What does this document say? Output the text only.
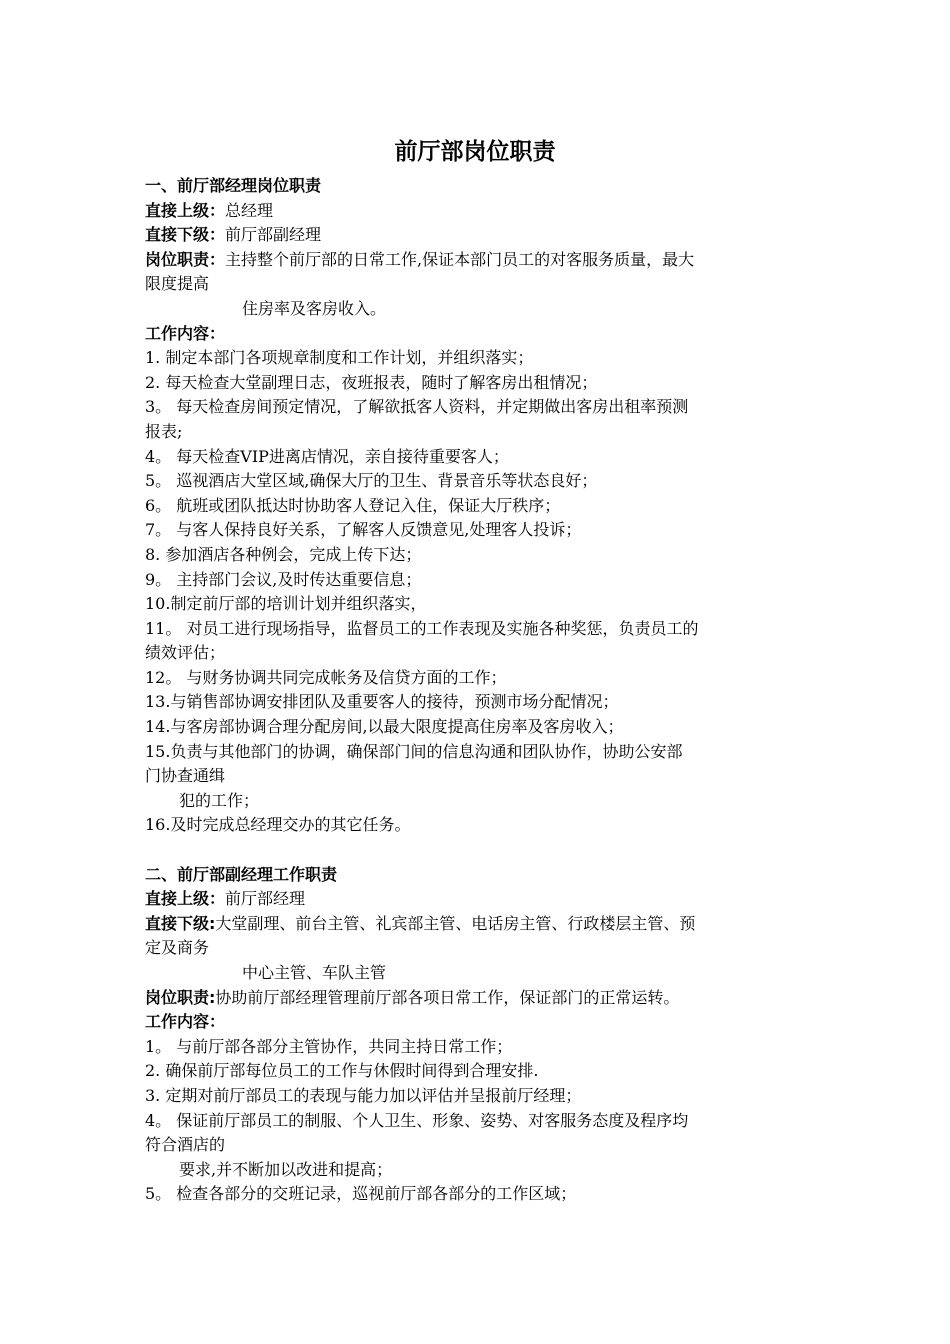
前厅部岗位职责
一、前厅部经理岗位职责
直接上级：总经理
直接下级：前厅部副经理
岗位职责：主持整个前厅部的日常工作,保证本部门员工的对客服务质量，最大
限度提高
住房率及客房收入。
工作内容：
1. 制定本部门各项规章制度和工作计划，并组织落实；
2. 每天检查大堂副理日志，夜班报表，随时了解客房出租情况；
3。 每天检查房间预定情况，了解欲抵客人资料，并定期做出客房出租率预测
报表;
4。 每天检查VIP进离店情况，亲自接待重要客人；
5。 巡视酒店大堂区域,确保大厅的卫生、背景音乐等状态良好；
6。 航班或团队抵达时协助客人登记入住，保证大厅秩序；
7。 与客人保持良好关系，了解客人反馈意见,处理客人投诉；
8. 参加酒店各种例会，完成上传下达；
9。 主持部门会议,及时传达重要信息；
10.制定前厅部的培训计划并组织落实，
11。 对员工进行现场指导，监督员工的工作表现及实施各种奖惩，负责员工的
绩效评估；
12。 与财务协调共同完成帐务及信贷方面的工作；
13.与销售部协调安排团队及重要客人的接待，预测市场分配情况；
14.与客房部协调合理分配房间,以最大限度提高住房率及客房收入；
15.负责与其他部门的协调，确保部门间的信息沟通和团队协作，协助公安部
门协查通缉
犯的工作；
16.及时完成总经理交办的其它任务。
二、前厅部副经理工作职责
直接上级：前厅部经理
直接下级:大堂副理、前台主管、礼宾部主管、电话房主管、行政楼层主管、预
定及商务
中心主管、车队主管
岗位职责:协助前厅部经理管理前厅部各项日常工作，保证部门的正常运转。
工作内容：
1。 与前厅部各部分主管协作，共同主持日常工作；
2. 确保前厅部每位员工的工作与休假时间得到合理安排.
3. 定期对前厅部员工的表现与能力加以评估并呈报前厅经理；
4。 保证前厅部员工的制服、个人卫生、形象、姿势、对客服务态度及程序均
符合酒店的
要求,并不断加以改进和提高；
5。 检查各部分的交班记录，巡视前厅部各部分的工作区域；
